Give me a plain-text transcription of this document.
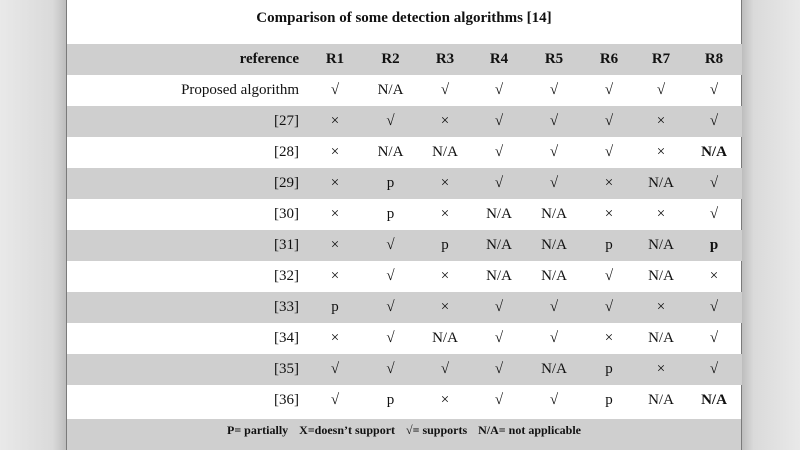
Comparison of some detection algorithms [14]
reference	R1	R2	R3	R4	R5	R6	R7	R8
Proposed algorithm	√	N/A	√	√	√	√	√	√
[27]	×	√	×	√	√	√	×	√
[28]	×	N/A	N/A	√	√	√	×	N/A
[29]	×	p	×	√	√	×	N/A	√
[30]	×	p	×	N/A	N/A	×	×	√
[31]	×	√	p	N/A	N/A	p	N/A	p
[32]	×	√	×	N/A	N/A	√	N/A	×
[33]	p	√	×	√	√	√	×	√
[34]	×	√	N/A	√	√	×	N/A	√
[35]	√	√	√	√	N/A	p	×	√
[36]	√	p	×	√	√	p	N/A	N/A
P= partially X=doesn’t support √= supports N/A= not applicable
